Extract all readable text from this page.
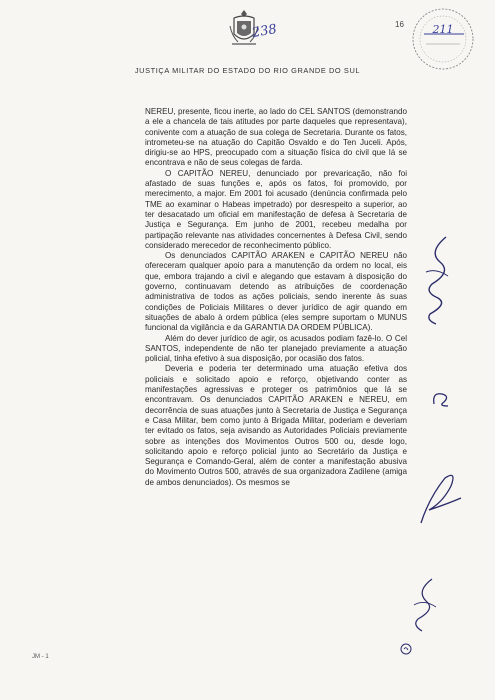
238	16	211
JUSTIÇA MILITAR DO ESTADO DO RIO GRANDE DO SUL

NEREU, presente, ficou inerte, ao lado do CEL SANTOS (demonstrando a ele a chancela de tais atitudes por parte daqueles que representava), conivente com a atuação de sua colega de Secretaria. Durante os fatos, intrometeu-se na atuação do Capitão Osvaldo e do Ten Juceli. Após, dirigiu-se ao HPS, preocupado com a situação física do civil que lá se encontrava e não de seus colegas de farda.

O CAPITÃO NEREU, denunciado por prevaricação, não foi afastado de suas funções e, após os fatos, foi promovido, por merecimento, a major. Em 2001 foi acusado (denúncia confirmada pelo TME ao examinar o Habeas impetrado) por desrespeito a superior, ao ter desacatado um oficial em manifestação de defesa à Secretaria de Justiça e Segurança. Em junho de 2001, recebeu medalha por partipação relevante nas atividades concernentes à Defesa Civil, sendo considerado merecedor de reconhecimento público.

Os denunciados CAPITÃO ARAKEN e CAPITÃO NEREU não ofereceram qualquer apoio para a manutenção da ordem no local, eis que, embora trajando a civil e alegando que estavam à disposição do governo, continuavam detendo as atribuições de coordenação administrativa de todos as ações policiais, sendo inerente às suas condições de Policiais Militares o dever jurídico de agir quando em situações de abalo à ordem pública (eles sempre suportam o MUNUS funcional da vigilância e da GARANTIA DA ORDEM PÚBLICA).

Além do dever jurídico de agir, os acusados podiam fazê-lo. O Cel SANTOS, independente de não ter planejado previamente a atuação policial, tinha efetivo à sua disposição, por ocasião dos fatos.

Deveria e poderia ter determinado uma atuação efetiva dos policiais e solicitado apoio e reforço, objetivando conter as manifestações agressivas e proteger os patrimônios que lá se encontravam. Os denunciados CAPITÃO ARAKEN e NEREU, em decorrência de suas atuações junto à Secretaria de Justiça e Segurança e Casa Militar, bem como junto à Brigada Militar, poderiam e deveriam ter evitado os fatos, seja avisando as Autoridades Policiais previamente sobre as intenções dos Movimentos Outros 500 ou, desde logo, solicitando apoio e reforço policial junto ao Secretário da Justiça e Segurança e Comando-Geral, além de conter a manifestação abusiva do Movimento Outros 500, através de sua organizadora Zadilene (amiga de ambos denunciados). Os mesmos se

JM - 1
